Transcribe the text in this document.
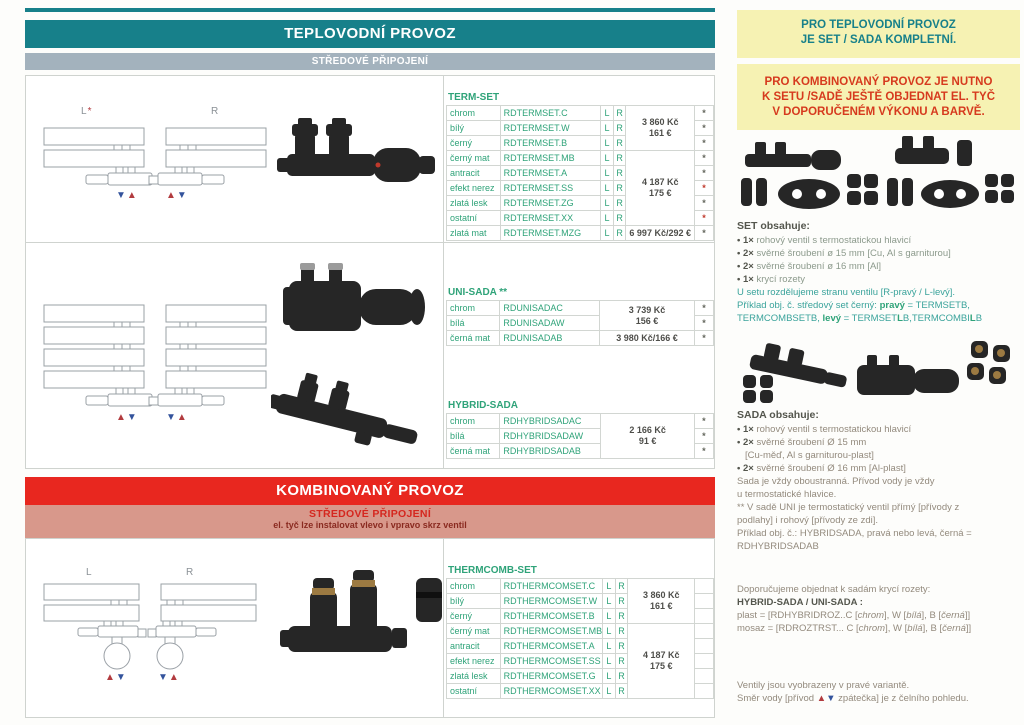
TEPLOVODNÍ PROVOZ
STŘEDOVÉ PŘIPOJENÍ
L*	R
▼▲	▲▼
TERM-SET
chrom	RDTERMSET.C	L	R	3 860 Kč
161 €	*
bílý	RDTERMSET.W	L	R		*
černý	RDTERMSET.B	L	R		*
černý mat	RDTERMSET.MB	L	R	4 187 Kč
175 €	*
antracit	RDTERMSET.A	L	R		*
efekt nerez	RDTERMSET.SS	L	R		*
zlatá lesk	RDTERMSET.ZG	L	R		*
ostatní	RDTERMSET.XX	L	R		*
zlatá mat	RDTERMSET.MZG	L	R	6 997 Kč/292 €	*
▲▼	▼▲
UNI-SADA **
chrom	RDUNISADAC	3 739 Kč
156 €	*
bílá	RDUNISADAW		*
černá mat	RDUNISADAB	3 980 Kč/166 €	*
HYBRID-SADA
chrom	RDHYBRIDSADAC	2 166 Kč
91 €	*
bílá	RDHYBRIDSADAW		*
černá mat	RDHYBRIDSADAB		*
KOMBINOVANÝ PROVOZ
STŘEDOVÉ PŘIPOJENÍ
el. tyč lze instalovat vlevo i vpravo skrz ventil
L	R
▲▼	▼▲
THERMCOMB-SET
chrom	RDTHERMCOMSET.C	L	R	3 860 Kč
161 €	

bílý	RDTHERMCOMSET.W	L	R		
černý	RDTHERMCOMSET.B	L	R		
černý mat	RDTHERMCOMSET.MB	L	R	4 187 Kč
175 €	

antracit	RDTHERMCOMSET.A	L	R		
efekt nerez	RDTHERMCOMSET.SS	L	R		
zlatá lesk	RDTHERMCOMSET.G	L	R		
ostatní	RDTHERMCOMSET.XX	L	R		
PRO TEPLOVODNÍ PROVOZ
JE SET / SADA KOMPLETNÍ.
PRO KOMBINOVANÝ PROVOZ JE NUTNO
K SETU /SADĚ JEŠTĚ OBJEDNAT EL. TYČ
V DOPORUČENÉM VÝKONU A BARVĚ.
SET obsahuje:
• 1× rohový ventil s termostatickou hlavicí
• 2× svěrné šroubení ø 15 mm [Cu, Al s garniturou]
• 2× svěrné šroubení ø 16 mm [Al]
• 1× krycí rozety
U setu rozdělujeme stranu ventilu [R-pravý / L-levý].
Příklad obj. č. středový set černý: pravý = TERMSETB,
TERMCOMBSETB, levý = TERMSETLB,TERMCOMBILB
SADA obsahuje:
• 1× rohový ventil s termostatickou hlavicí
• 2× svěrné šroubení Ø 15 mm
[Cu-měď, Al s garniturou-plast]
• 2× svěrné šroubení Ø 16 mm [Al-plast]
Sada je vždy oboustranná. Přívod vody je vždy
u termostatické hlavice.
** V sadě UNI je termostatický ventil přímý [přívody z
podlahy] i rohový [přívody ze zdi].
Příklad obj. č.: HYBRIDSADA, pravá nebo levá, černá =
RDHYBRIDSADAB
Doporučujeme objednat k sadám krycí rozety:
HYBRID-SADA / UNI-SADA :
plast = [RDHYBRIDROZ..C [chrom], W [bílá], B [černá]]
mosaz = [RDROZTRST... C [chrom], W [bílá], B [černá]]
Ventily jsou vyobrazeny v pravé variantě.
Směr vody [přívod ▲▼ zpátečka] je z čelního pohledu.
